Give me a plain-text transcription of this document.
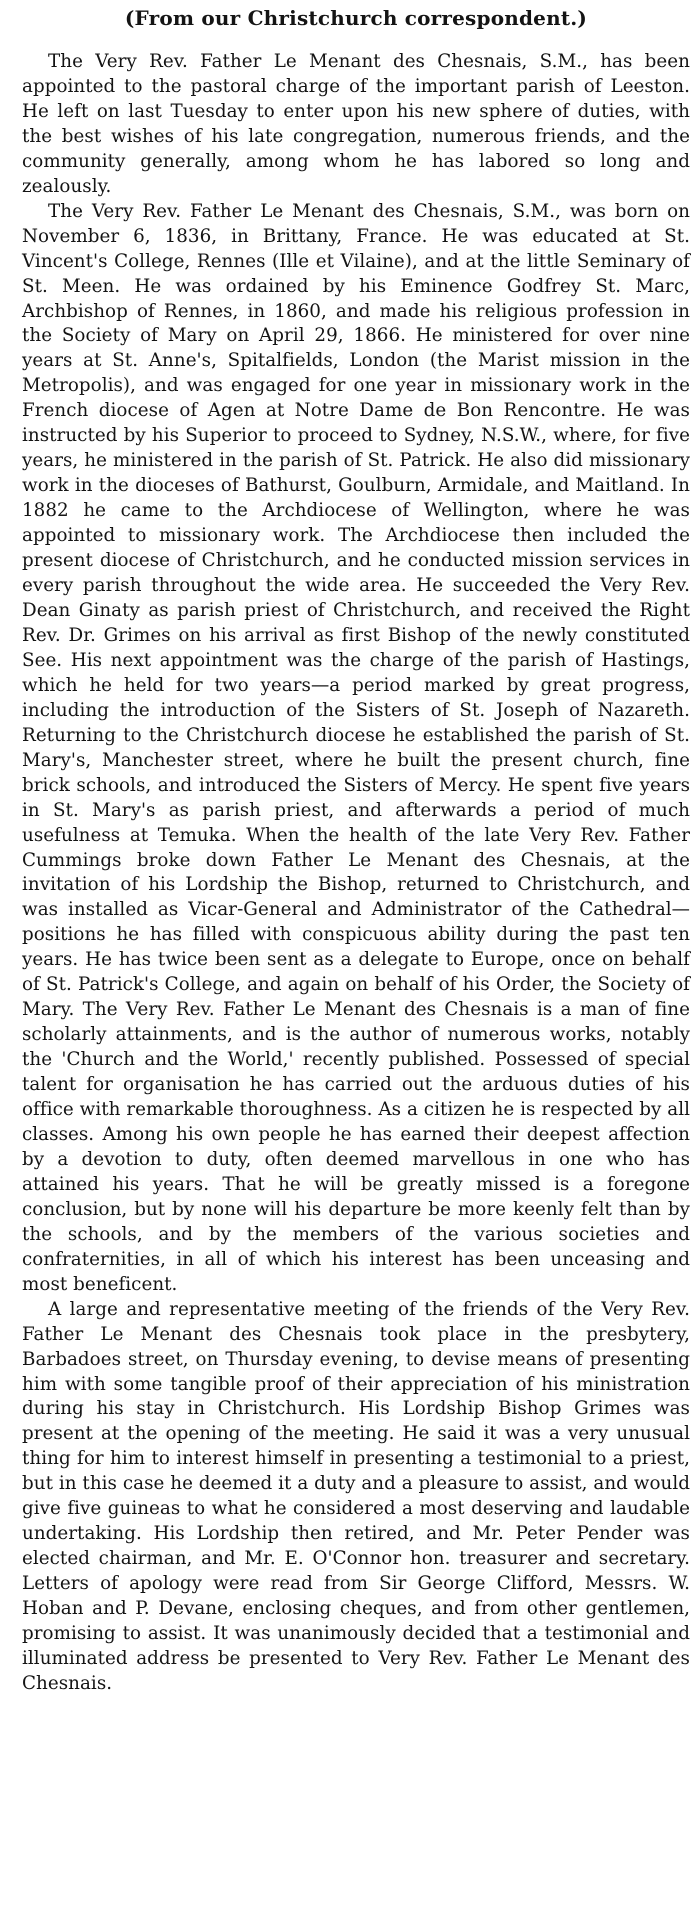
(From our Christchurch correspondent.)

The Very Rev. Father Le Menant des Chesnais, S.M., has been appointed to the pastoral charge of the important parish of Leeston. He left on last Tuesday to enter upon his new sphere of duties, with the best wishes of his late congregation, numerous friends, and the community generally, among whom he has labored so long and zealously.

The Very Rev. Father Le Menant des Chesnais, S.M., was born on November 6, 1836, in Brittany, France. He was educated at St. Vincent's College, Rennes (Ille et Vilaine), and at the little Seminary of St. Meen. He was ordained by his Eminence Godfrey St. Marc, Archbishop of Rennes, in 1860, and made his religious profession in the Society of Mary on April 29, 1866. He ministered for over nine years at St. Anne's, Spitalfields, London (the Marist mission in the Metropolis), and was engaged for one year in missionary work in the French diocese of Agen at Notre Dame de Bon Rencontre. He was instructed by his Superior to proceed to Sydney, N.S.W., where, for five years, he ministered in the parish of St. Patrick. He also did missionary work in the dioceses of Bathurst, Goulburn, Armidale, and Maitland. In 1882 he came to the Archdiocese of Wellington, where he was appointed to missionary work. The Archdiocese then included the present diocese of Christchurch, and he conducted mission services in every parish throughout the wide area. He succeeded the Very Rev. Dean Ginaty as parish priest of Christchurch, and received the Right Rev. Dr. Grimes on his arrival as first Bishop of the newly constituted See. His next appointment was the charge of the parish of Hastings, which he held for two years—a period marked by great progress, including the introduction of the Sisters of St. Joseph of Nazareth. Returning to the Christchurch diocese he established the parish of St. Mary's, Manchester street, where he built the present church, fine brick schools, and introduced the Sisters of Mercy. He spent five years in St. Mary's as parish priest, and afterwards a period of much usefulness at Temuka. When the health of the late Very Rev. Father Cummings broke down Father Le Menant des Chesnais, at the invitation of his Lordship the Bishop, returned to Christchurch, and was installed as Vicar-General and Administrator of the Cathedral—positions he has filled with conspicuous ability during the past ten years. He has twice been sent as a delegate to Europe, once on behalf of St. Patrick's College, and again on behalf of his Order, the Society of Mary. The Very Rev. Father Le Menant des Chesnais is a man of fine scholarly attainments, and is the author of numerous works, notably the 'Church and the World,' recently published. Possessed of special talent for organisation he has carried out the arduous duties of his office with remarkable thoroughness. As a citizen he is respected by all classes. Among his own people he has earned their deepest affection by a devotion to duty, often deemed marvellous in one who has attained his years. That he will be greatly missed is a foregone conclusion, but by none will his departure be more keenly felt than by the schools, and by the members of the various societies and confraternities, in all of which his interest has been unceasing and most beneficent.

A large and representative meeting of the friends of the Very Rev. Father Le Menant des Chesnais took place in the presbytery, Barbadoes street, on Thursday evening, to devise means of presenting him with some tangible proof of their appreciation of his ministration during his stay in Christchurch. His Lordship Bishop Grimes was present at the opening of the meeting. He said it was a very unusual thing for him to interest himself in presenting a testimonial to a priest, but in this case he deemed it a duty and a pleasure to assist, and would give five guineas to what he considered a most deserving and laudable undertaking. His Lordship then retired, and Mr. Peter Pender was elected chairman, and Mr. E. O'Connor hon. treasurer and secretary. Letters of apology were read from Sir George Clifford, Messrs. W. Hoban and P. Devane, enclosing cheques, and from other gentlemen, promising to assist. It was unanimously decided that a testimonial and illuminated address be presented to Very Rev. Father Le Menant des Chesnais.
